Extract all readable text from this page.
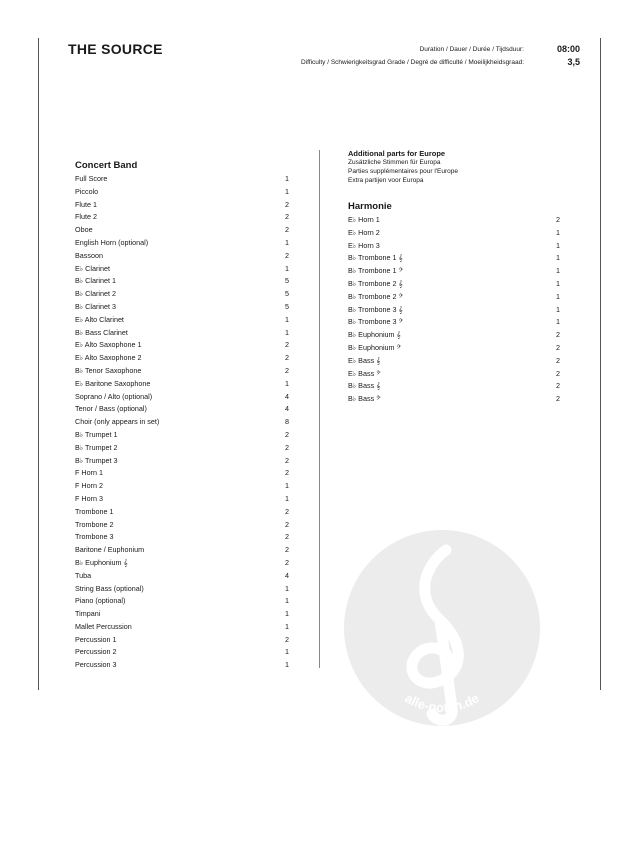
THE SOURCE	Duration / Dauer / Durée / Tijdsduur:	08:00
Difficulty / Schwierigkeitsgrad Grade / Degré de difficulté / Moeilijkheidsgraad:	3,5
Concert Band
Full Score	1
Piccolo	1
Flute 1	2
Flute 2	2
Oboe	2
English Horn (optional)	1
Bassoon	2
E♭ Clarinet	1
B♭ Clarinet 1	5
B♭ Clarinet 2	5
B♭ Clarinet 3	5
E♭ Alto Clarinet	1
B♭ Bass Clarinet	1
E♭ Alto Saxophone 1	2
E♭ Alto Saxophone 2	2
B♭ Tenor Saxophone	2
E♭ Baritone Saxophone	1
Soprano / Alto (optional)	4
Tenor / Bass (optional)	4
Choir (only appears in set)	8
B♭ Trumpet 1	2
B♭ Trumpet 2	2
B♭ Trumpet 3	2
F Horn 1	2
F Horn 2	1
F Horn 3	1
Trombone 1	2
Trombone 2	2
Trombone 3	2
Baritone / Euphonium	2
B♭ Euphonium 𝄞	2
Tuba	4
String Bass (optional)	1
Piano (optional)	1
Timpani	1
Mallet Percussion	1
Percussion 1	2
Percussion 2	1
Percussion 3	1
Additional parts for Europe
Zusätzliche Stimmen für Europa
Parties supplémentaires pour l'Europe
Extra partijen voor Europa
Harmonie
E♭ Horn 1	2
E♭ Horn 2	1
E♭ Horn 3	1
B♭ Trombone 1 𝄞	1
B♭ Trombone 1 𝄢	1
B♭ Trombone 2 𝄞	1
B♭ Trombone 2 𝄢	1
B♭ Trombone 3 𝄞	1
B♭ Trombone 3 𝄢	1
B♭ Euphonium 𝄞	2
B♭ Euphonium 𝄢	2
E♭ Bass 𝄞	2
E♭ Bass 𝄢	2
B♭ Bass 𝄞	2
B♭ Bass 𝄢	2
alle-noten.de
